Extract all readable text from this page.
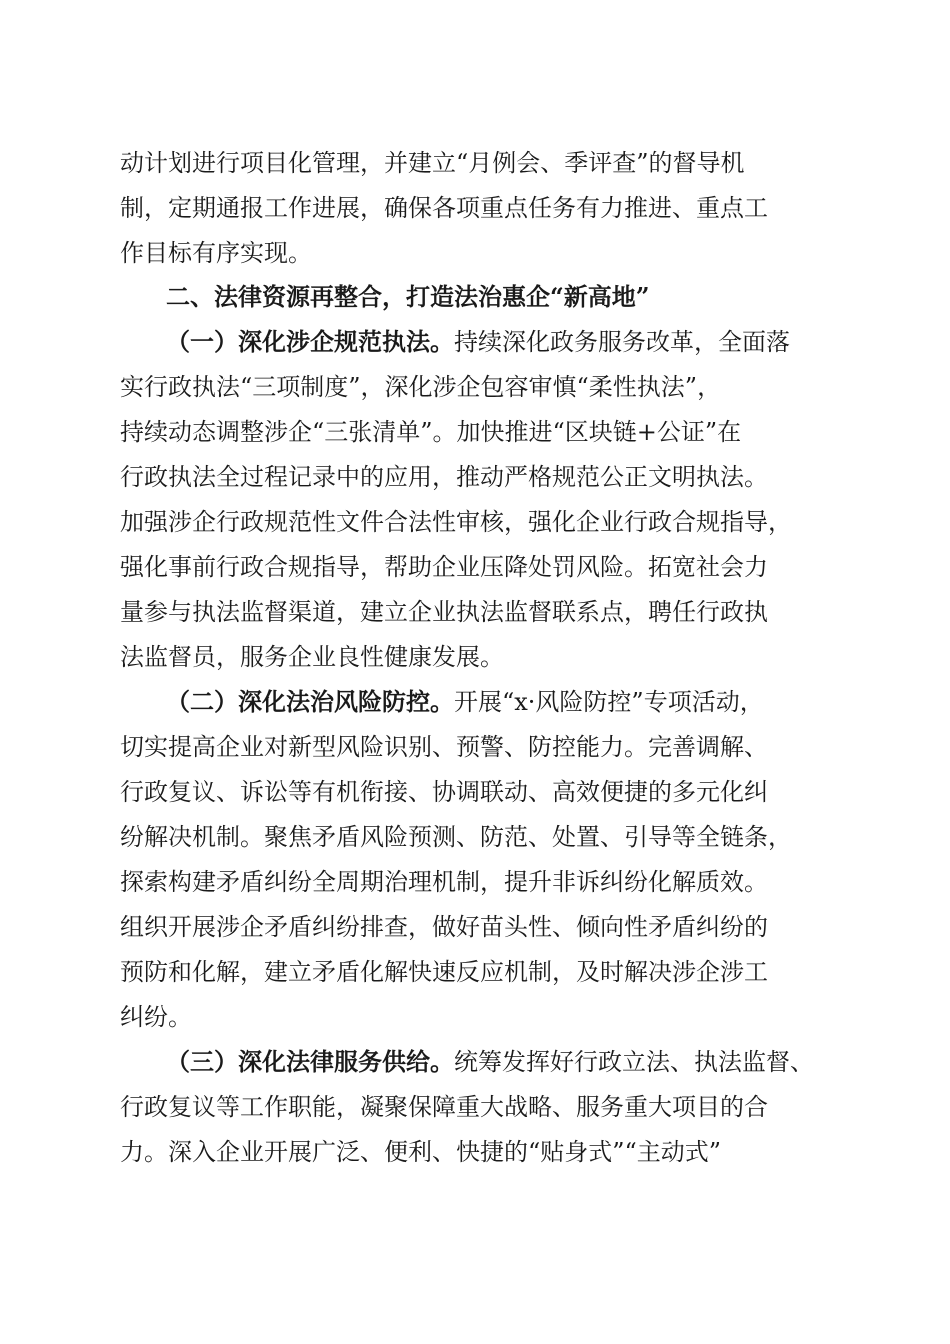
动计划进行项目化管理，并建立“月例会、季评查”的督导机
制，定期通报工作进展，确保各项重点任务有力推进、重点工
作目标有序实现。
二、法律资源再整合，打造法治惠企“新高地”
（一）深化涉企规范执法。持续深化政务服务改革，全面落
实行政执法“三项制度”，深化涉企包容审慎“柔性执法”，
持续动态调整涉企“三张清单”。加快推进“区块链+公证”在
行政执法全过程记录中的应用，推动严格规范公正文明执法。
加强涉企行政规范性文件合法性审核，强化企业行政合规指导，
强化事前行政合规指导，帮助企业压降处罚风险。拓宽社会力
量参与执法监督渠道，建立企业执法监督联系点，聘任行政执
法监督员，服务企业良性健康发展。
（二）深化法治风险防控。开展“x·风险防控”专项活动，
切实提高企业对新型风险识别、预警、防控能力。完善调解、
行政复议、诉讼等有机衔接、协调联动、高效便捷的多元化纠
纷解决机制。聚焦矛盾风险预测、防范、处置、引导等全链条，
探索构建矛盾纠纷全周期治理机制，提升非诉纠纷化解质效。
组织开展涉企矛盾纠纷排查，做好苗头性、倾向性矛盾纠纷的
预防和化解，建立矛盾化解快速反应机制，及时解决涉企涉工
纠纷。
（三）深化法律服务供给。统筹发挥好行政立法、执法监督、
行政复议等工作职能，凝聚保障重大战略、服务重大项目的合
力。深入企业开展广泛、便利、快捷的“贴身式”“主动式”
